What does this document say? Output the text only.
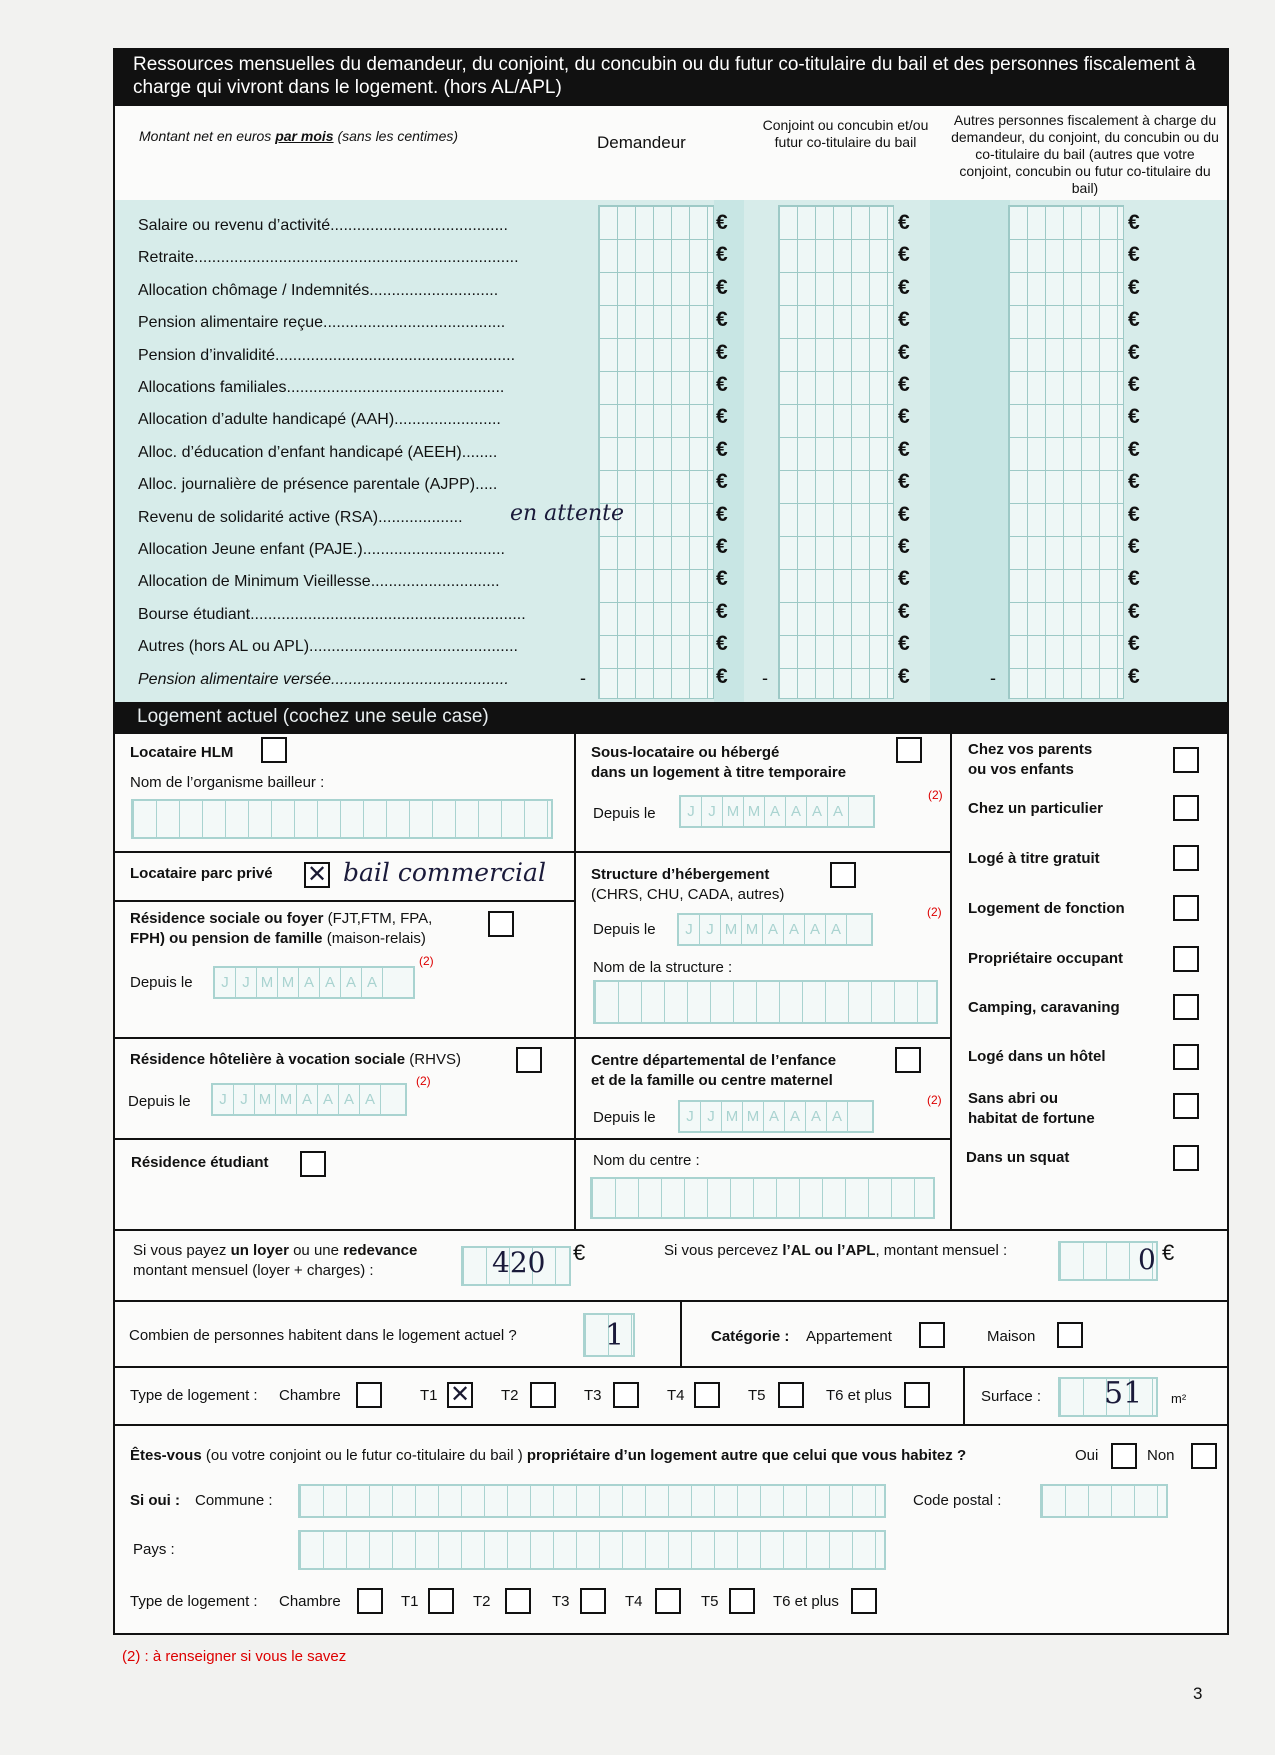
Ressources mensuelles du demandeur, du conjoint, du concubin ou du futur co-titulaire du bail et des personnes fiscalement à charge qui vivront dans le logement. (hors AL/APL)
Montant net en euros par mois (sans les centimes)	Demandeur
Conjoint ou concubin et/ou futur co-titulaire du bail
Autres personnes fiscalement à charge du demandeur, du conjoint, du concubin ou du co-titulaire du bail (autres que votre conjoint, concubin ou futur co-titulaire du bail)
Salaire ou revenu d’activité........................................	€	€	€
Retraite.........................................................................	€	€	€
Allocation chômage / Indemnités.............................	€	€	€
Pension alimentaire reçue.........................................	€	€	€
Pension d’invalidité......................................................	€	€	€
Allocations familiales.................................................	€	€	€
Allocation d’adulte handicapé (AAH)........................	€	€	€
Alloc. d’éducation d’enfant handicapé (AEEH)........	€	€	€
Alloc. journalière de présence parentale (AJPP).....	€	€	€
Revenu de solidarité active (RSA)...................	€	€	€
en attente
Allocation Jeune enfant (PAJE.)................................	€	€	€
Allocation de Minimum Vieillesse.............................	€	€	€
Bourse étudiant..............................................................	€	€	€
Autres (hors AL ou APL)...............................................	€	€	€
Pension alimentaire versée........................................	€	€	€
-	-	-
Logement actuel (cochez une seule case)
Locataire HLM
Nom de l’organisme bailleur :
Locataire parc privé ✕	bail commercial
Résidence sociale ou foyer (FJT,FTM, FPA,
FPH) ou pension de famille (maison-relais)
(2)
Depuis le	J J M M A A A A
Résidence hôtelière à vocation sociale (RHVS)
(2)
Depuis le	J J M M A A A A
Résidence étudiant
Sous-locataire ou hébergé
dans un logement à titre temporaire
(2)
Depuis le	J J M M A A A A
Structure d’hébergement
(CHRS, CHU, CADA, autres)
(2)
Depuis le	J J M M A A A A
Nom de la structure :
Centre départemental de l’enfance
et de la famille ou centre maternel
(2)
Depuis le	J J M M A A A A
Nom du centre :
Chez vos parents
ou vos enfants
Chez un particulier
Logé à titre gratuit
Logement de fonction
Propriétaire occupant
Camping, caravaning
Logé dans un hôtel
Sans abri ou
habitat de fortune
Dans un squat
Si vous payez un loyer ou une redevance
montant mensuel (loyer + charges) :	420 €	Si vous percevez l’AL ou l’APL, montant mensuel :	0 €
Combien de personnes habitent dans le logement actuel ?	1	Catégorie : Appartement	Maison
Type de logement : Chambre	T1 ✕	T2	T3	T4	T5	T6 et plus	Surface : 51 m²
Êtes-vous (ou votre conjoint ou le futur co-titulaire du bail ) propriétaire d’un logement autre que celui que vous habitez ?	Oui	Non
Si oui : Commune :	Code postal :
Pays :
Type de logement : Chambre	T1	T2	T3	T4	T5	T6 et plus
(2) : à renseigner si vous le savez
3
